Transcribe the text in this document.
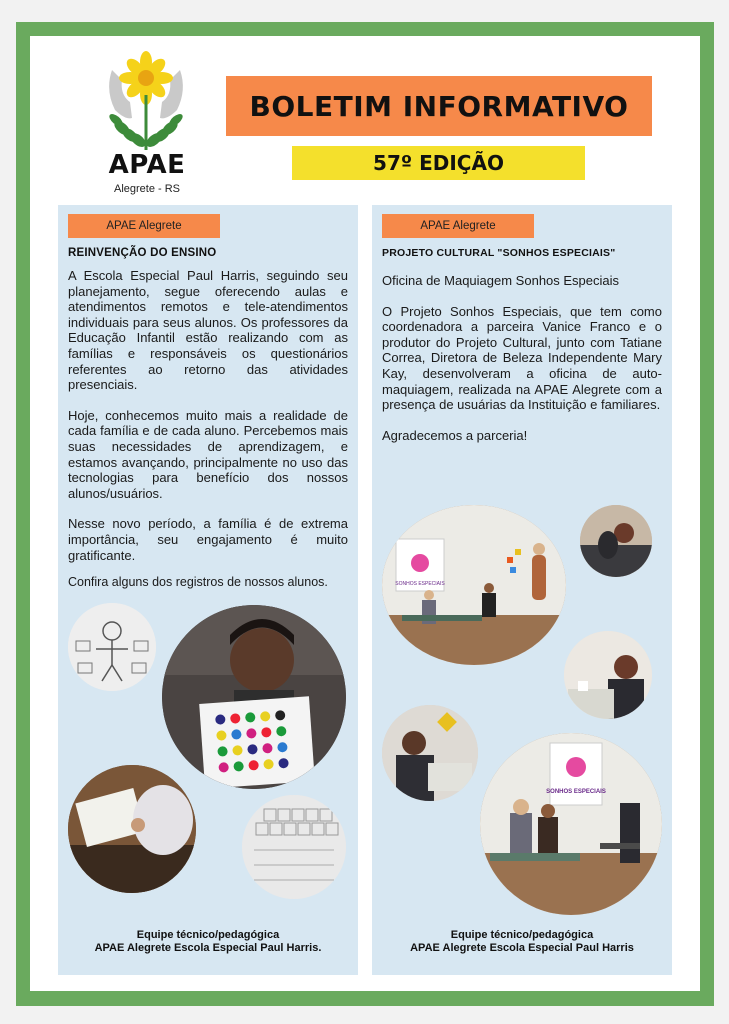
APAE
Alegrete - RS
BOLETIM INFORMATIVO
57º EDIÇÃO
APAE Alegrete
REINVENÇÃO DO ENSINO

A Escola Especial Paul Harris, seguindo seu planejamento, segue oferecendo aulas e atendimentos remotos e tele-atendimentos individuais para seus alunos. Os professores da Educação Infantil estão realizando com as famílias e responsáveis os questionários referentes ao retorno das atividades presenciais.

Hoje, conhecemos muito mais a realidade de cada família e de cada aluno. Percebemos mais suas necessidades de aprendizagem, e estamos avançando, principalmente no uso das tecnologias para benefício dos nossos alunos/usuários.

Nesse novo período, a família é de extrema importância, seu engajamento é muito gratificante.

Confira alguns dos registros de nossos alunos.
Equipe técnico/pedagógica
APAE Alegrete Escola Especial Paul Harris.
APAE Alegrete
PROJETO CULTURAL "SONHOS ESPECIAIS"

Oficina de Maquiagem Sonhos Especiais

O Projeto Sonhos Especiais, que tem como coordenadora a parceira Vanice Franco e o produtor do Projeto Cultural, junto com Tatiane Correa, Diretora de Beleza Independente Mary Kay, desenvolveram a oficina de auto-maquiagem, realizada na APAE Alegrete com a presença de usuárias da Instituição e familiares.

Agradecemos a parceria!

SONHOS ESPECIAIS
SONHOS ESPECIAIS
Equipe técnico/pedagógica
APAE Alegrete Escola Especial Paul Harris
